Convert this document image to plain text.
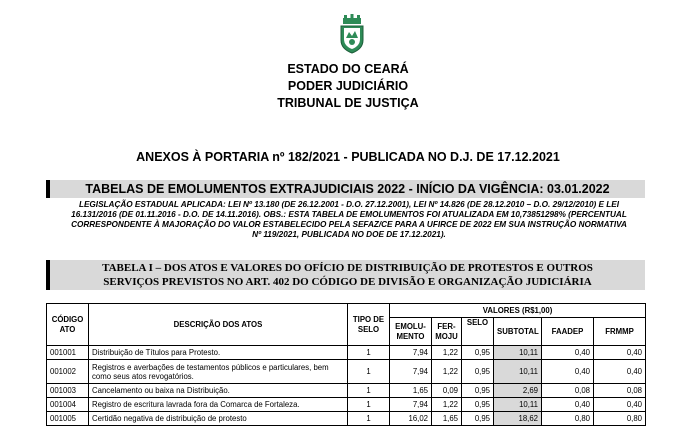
ESTADO DO CEARÁ
PODER JUDICIÁRIO
TRIBUNAL DE JUSTIÇA
ANEXOS À PORTARIA nº 182/2021 - PUBLICADA NO D.J. DE 17.12.2021
TABELAS DE EMOLUMENTOS EXTRAJUDICIAIS 2022 - INÍCIO DA VIGÊNCIA: 03.01.2022
LEGISLAÇÃO ESTADUAL APLICADA: LEI Nº 13.180 (DE 26.12.2001 - D.O. 27.12.2001), LEI Nº 14.826 (DE 28.12.2010 – D.O. 29/12/2010) E LEI
16.131/2016 (DE 01.11.2016 - D.O. DE 14.11.2016). OBS.: ESTA TABELA DE EMOLUMENTOS FOI ATUALIZADA EM 10,73851298% (PERCENTUAL
CORRESPONDENTE À MAJORAÇÃO DO VALOR ESTABELECIDO PELA SEFAZ/CE PARA A UFIRCE DE 2022 EM SUA INSTRUÇÃO NORMATIVA
Nº 119/2021, PUBLICADA NO DOE DE 17.12.2021).
TABELA I – DOS ATOS E VALORES DO OFÍCIO DE DISTRIBUIÇÃO DE PROTESTOS E OUTROS
SERVIÇOS PREVISTOS NO ART. 402 DO CÓDIGO DE DIVISÃO E ORGANIZAÇÃO JUDICIÁRIA
CÓDIGO ATO	DESCRIÇÃO DOS ATOS	TIPO DE SELO	VALORES (R$1,00)					
			EMOLU- MENTO	FER- MOJU	SELO	SUBTOTAL	FAADEP	FRMMP
001001	Distribuição de Títulos para Protesto.	1	7,94	1,22	0,95	10,11	0,40	0,40
001002	Registros e averbações de testamentos públicos e particulares, bem como seus atos revogatórios.	1	7,94	1,22	0,95	10,11	0,40	0,40
001003	Cancelamento ou baixa na Distribuição.	1	1,65	0,09	0,95	2,69	0,08	0,08
001004	Registro de escritura lavrada fora da Comarca de Fortaleza.	1	7,94	1,22	0,95	10,11	0,40	0,40
001005	Certidão negativa de distribuição de protesto	1	16,02	1,65	0,95	18,62	0,80	0,80
